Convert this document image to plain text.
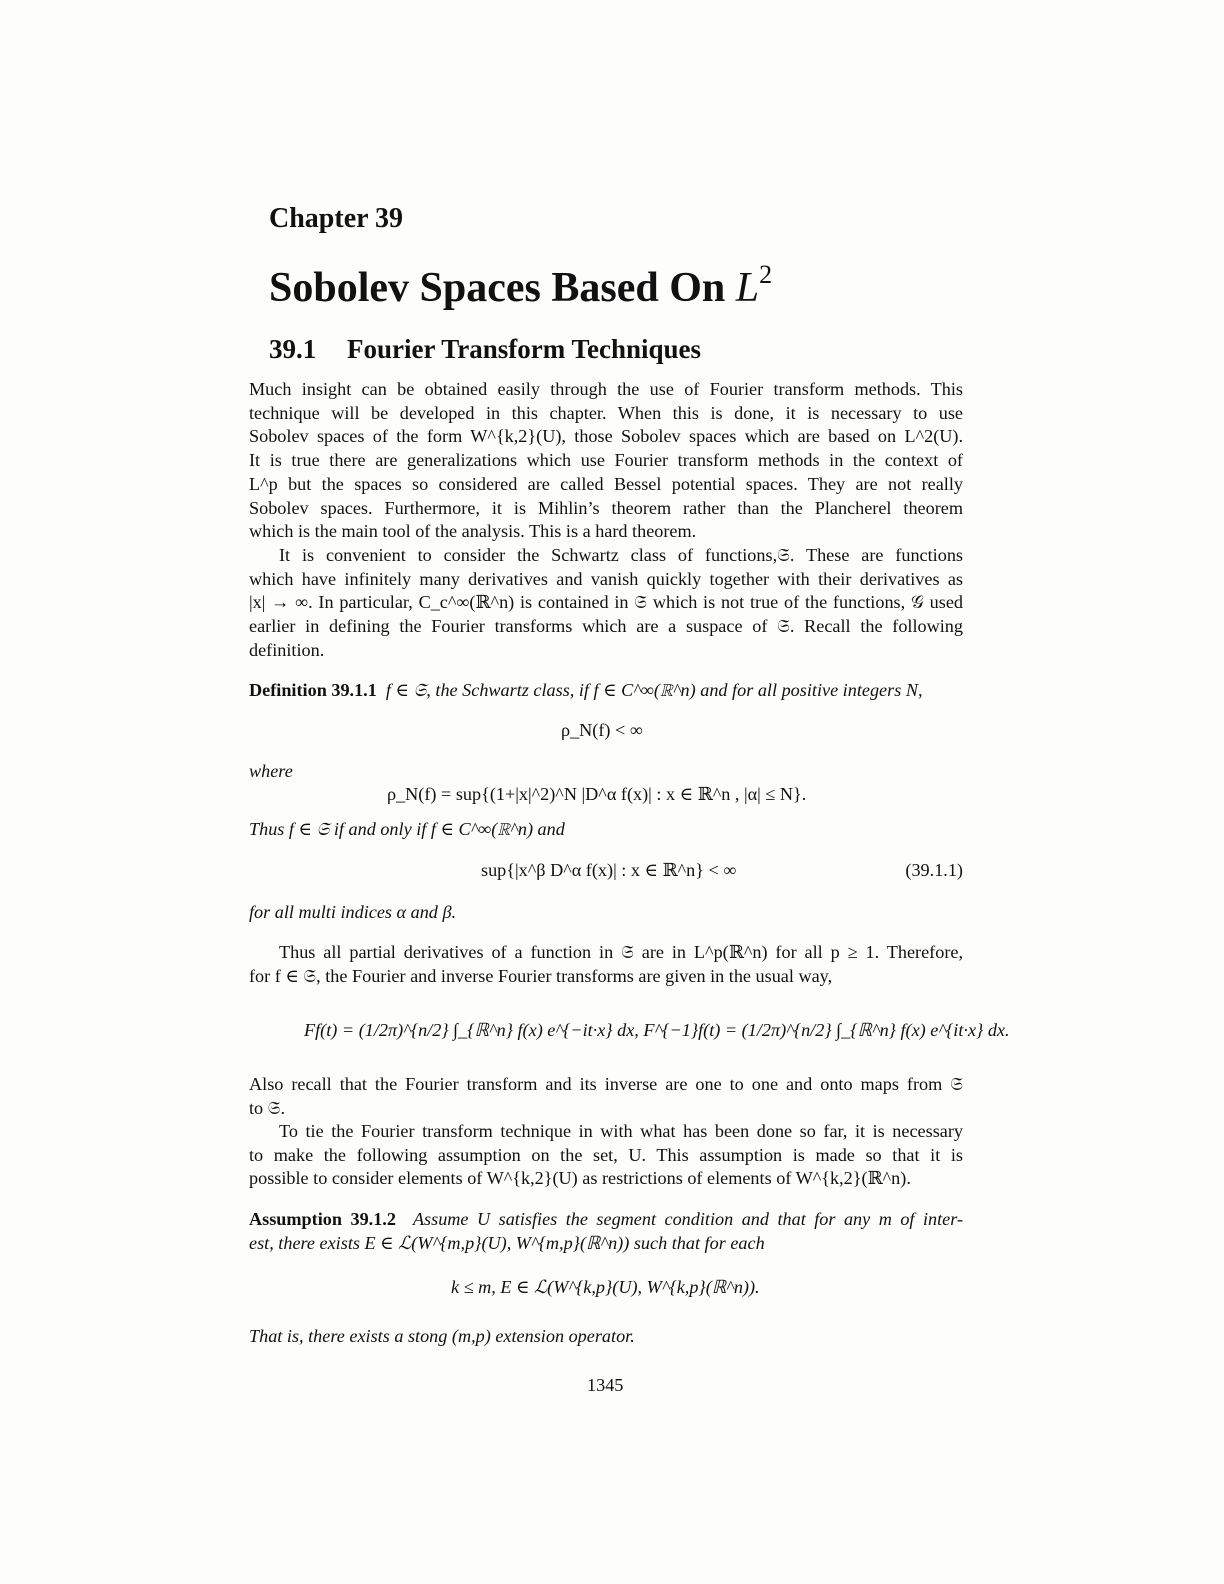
Chapter 39
Sobolev Spaces Based On $L^2$
39.1 Fourier Transform Techniques
Much insight can be obtained easily through the use of Fourier transform methods. This
technique will be developed in this chapter. When this is done, it is necessary to use
Sobolev spaces of the form W^{k,2}(U), those Sobolev spaces which are based on L^2(U).
It is true there are generalizations which use Fourier transform methods in the context of
L^p but the spaces so considered are called Bessel potential spaces. They are not really
Sobolev spaces. Furthermore, it is Mihlin’s theorem rather than the Plancherel theorem
which is the main tool of the analysis. This is a hard theorem.
It is convenient to consider the Schwartz class of functions,𝔖. These are functions
which have infinitely many derivatives and vanish quickly together with their derivatives as
|x| → ∞. In particular, C_c^∞(ℝ^n) is contained in 𝔖 which is not true of the functions, 𝒢 used
earlier in defining the Fourier transforms which are a suspace of 𝔖. Recall the following
definition.
Definition 39.1.1 f ∈ 𝔖, the Schwartz class, if f ∈ C^∞(ℝ^n) and for all positive integers N,
ρ_N(f) < ∞
where
ρ_N(f) = sup{(1+|x|^2)^N |D^α f(x)| : x ∈ ℝ^n , |α| ≤ N}.
Thus f ∈ 𝔖 if and only if f ∈ C^∞(ℝ^n) and
sup{|x^β D^α f(x)| : x ∈ ℝ^n} < ∞	(39.1.1)
for all multi indices α and β.
Thus all partial derivatives of a function in 𝔖 are in L^p(ℝ^n) for all p ≥ 1. Therefore,
for f ∈ 𝔖, the Fourier and inverse Fourier transforms are given in the usual way,
Ff(t) = (1/2π)^{n/2} ∫_{ℝ^n} f(x) e^{−it·x} dx, F^{−1}f(t) = (1/2π)^{n/2} ∫_{ℝ^n} f(x) e^{it·x} dx.
Also recall that the Fourier transform and its inverse are one to one and onto maps from 𝔖
to 𝔖.
To tie the Fourier transform technique in with what has been done so far, it is necessary
to make the following assumption on the set, U. This assumption is made so that it is
possible to consider elements of W^{k,2}(U) as restrictions of elements of W^{k,2}(ℝ^n).
Assumption 39.1.2 Assume U satisfies the segment condition and that for any m of inter-
est, there exists E ∈ ℒ(W^{m,p}(U), W^{m,p}(ℝ^n)) such that for each
k ≤ m, E ∈ ℒ(W^{k,p}(U), W^{k,p}(ℝ^n)).
That is, there exists a stong (m,p) extension operator.
1345
